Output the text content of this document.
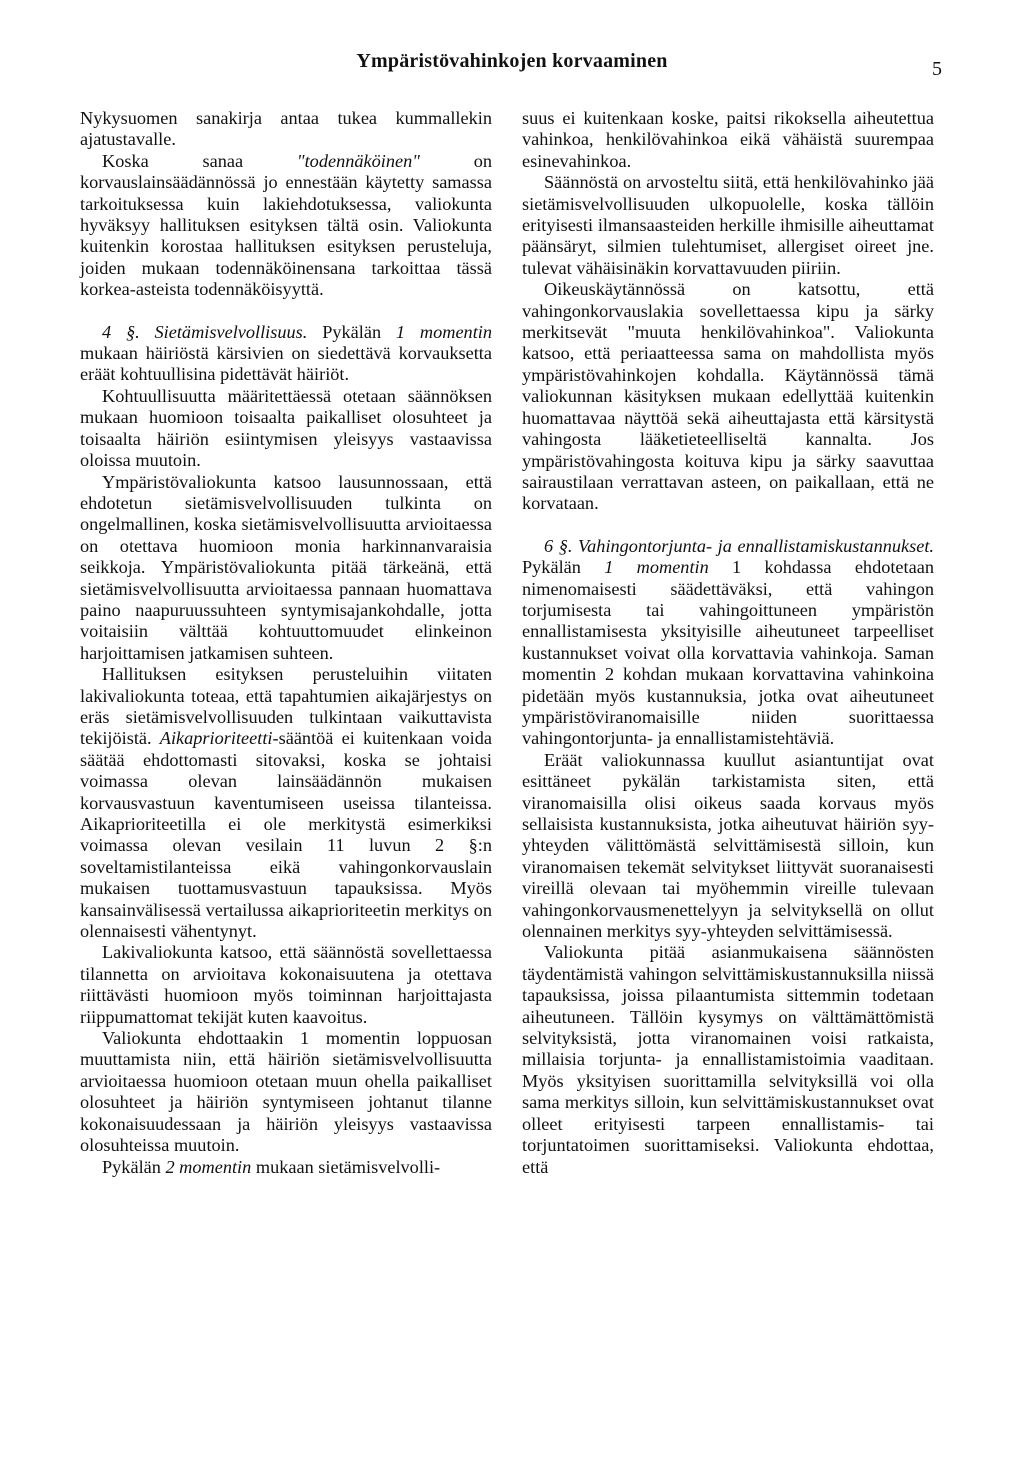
Ympäristövahinkojen korvaaminen	5

Nykysuomen sanakirja antaa tukea kummallekin ajatustavalle.

Koska sanaa "todennäköinen" on korvauslainsäädännössä jo ennestään käytetty samassa tarkoituksessa kuin lakiehdotuksessa, valiokunta hyväksyy hallituksen esityksen tältä osin. Valiokunta kuitenkin korostaa hallituksen esityksen perusteluja, joiden mukaan todennäköinensana tarkoittaa tässä korkea-asteista todennäköisyyttä.

4 §. Sietämisvelvollisuus. Pykälän 1 momentin mukaan häiriöstä kärsivien on siedettävä korvauksetta eräät kohtuullisina pidettävät häiriöt.

Kohtuullisuutta määritettäessä otetaan säännöksen mukaan huomioon toisaalta paikalliset olosuhteet ja toisaalta häiriön esiintymisen yleisyys vastaavissa oloissa muutoin.

Ympäristövaliokunta katsoo lausunnossaan, että ehdotetun sietämisvelvollisuuden tulkinta on ongelmallinen, koska sietämisvelvollisuutta arvioitaessa on otettava huomioon monia harkinnanvaraisia seikkoja. Ympäristövaliokunta pitää tärkeänä, että sietämisvelvollisuutta arvioitaessa pannaan huomattava paino naapuruussuhteen syntymisajankohdalle, jotta voitaisiin välttää kohtuuttomuudet elinkeinon harjoittamisen jatkamisen suhteen.

Hallituksen esityksen perusteluihin viitaten lakivaliokunta toteaa, että tapahtumien aikajärjestys on eräs sietämisvelvollisuuden tulkintaan vaikuttavista tekijöistä. Aikaprioriteetti-sääntöä ei kuitenkaan voida säätää ehdottomasti sitovaksi, koska se johtaisi voimassa olevan lainsäädännön mukaisen korvausvastuun kaventumiseen useissa tilanteissa. Aikaprioriteetilla ei ole merkitystä esimerkiksi voimassa olevan vesilain 11 luvun 2 §:n soveltamistilanteissa eikä vahingonkorvauslain mukaisen tuottamusvastuun tapauksissa. Myös kansainvälisessä vertailussa aikaprioriteetin merkitys on olennaisesti vähentynyt.

Lakivaliokunta katsoo, että säännöstä sovellettaessa tilannetta on arvioitava kokonaisuutena ja otettava riittävästi huomioon myös toiminnan harjoittajasta riippumattomat tekijät kuten kaavoitus.

Valiokunta ehdottaakin 1 momentin loppuosan muuttamista niin, että häiriön sietämisvelvollisuutta arvioitaessa huomioon otetaan muun ohella paikalliset olosuhteet ja häiriön syntymiseen johtanut tilanne kokonaisuudessaan ja häiriön yleisyys vastaavissa olosuhteissa muutoin.

Pykälän 2 momentin mukaan sietämisvelvolli-

suus ei kuitenkaan koske, paitsi rikoksella aiheutettua vahinkoa, henkilövahinkoa eikä vähäistä suurempaa esinevahinkoa.

Säännöstä on arvosteltu siitä, että henkilövahinko jää sietämisvelvollisuuden ulkopuolelle, koska tällöin erityisesti ilmansaasteiden herkille ihmisille aiheuttamat päänsäryt, silmien tulehtumiset, allergiset oireet jne. tulevat vähäisinäkin korvattavuuden piiriin.

Oikeuskäytännössä on katsottu, että vahingonkorvauslakia sovellettaessa kipu ja särky merkitsevät "muuta henkilövahinkoa". Valiokunta katsoo, että periaatteessa sama on mahdollista myös ympäristövahinkojen kohdalla. Käytännössä tämä valiokunnan käsityksen mukaan edellyttää kuitenkin huomattavaa näyttöä sekä aiheuttajasta että kärsitystä vahingosta lääketieteelliseltä kannalta. Jos ympäristövahingosta koituva kipu ja särky saavuttaa sairaustilaan verrattavan asteen, on paikallaan, että ne korvataan.

6 §. Vahingontorjunta- ja ennallistamiskustannukset. Pykälän 1 momentin 1 kohdassa ehdotetaan nimenomaisesti säädettäväksi, että vahingon torjumisesta tai vahingoittuneen ympäristön ennallistamisesta yksityisille aiheutuneet tarpeelliset kustannukset voivat olla korvattavia vahinkoja. Saman momentin 2 kohdan mukaan korvattavina vahinkoina pidetään myös kustannuksia, jotka ovat aiheutuneet ympäristöviranomaisille niiden suorittaessa vahingontorjunta- ja ennallistamistehtäviä.

Eräät valiokunnassa kuullut asiantuntijat ovat esittäneet pykälän tarkistamista siten, että viranomaisilla olisi oikeus saada korvaus myös sellaisista kustannuksista, jotka aiheutuvat häiriön syy-yhteyden välittömästä selvittämisestä silloin, kun viranomaisen tekemät selvitykset liittyvät suoranaisesti vireillä olevaan tai myöhemmin vireille tulevaan vahingonkorvausmenettelyyn ja selvityksellä on ollut olennainen merkitys syy-yhteyden selvittämisessä.

Valiokunta pitää asianmukaisena säännösten täydentämistä vahingon selvittämiskustannuksilla niissä tapauksissa, joissa pilaantumista sittemmin todetaan aiheutuneen. Tällöin kysymys on välttämättömistä selvityksistä, jotta viranomainen voisi ratkaista, millaisia torjunta- ja ennallistamistoimia vaaditaan. Myös yksityisen suorittamilla selvityksillä voi olla sama merkitys silloin, kun selvittämiskustannukset ovat olleet erityisesti tarpeen ennallistamis- tai torjuntatoimen suorittamiseksi. Valiokunta ehdottaa, että
